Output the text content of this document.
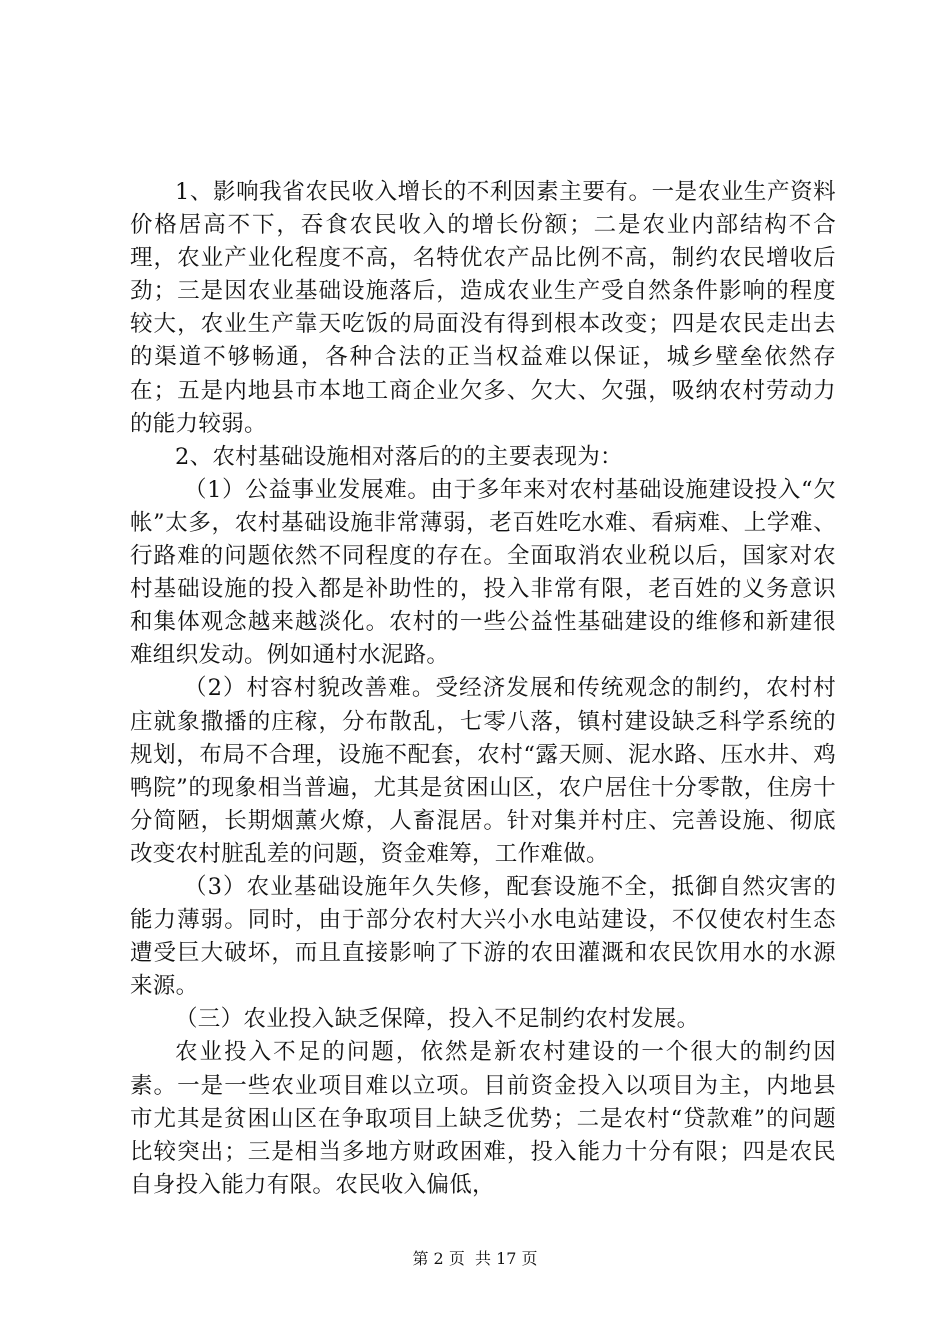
1、影响我省农民收入增长的不利因素主要有。一是农业生产资料价格居高不下，吞食农民收入的增长份额；二是农业内部结构不合理，农业产业化程度不高，名特优农产品比例不高，制约农民增收后劲；三是因农业基础设施落后，造成农业生产受自然条件影响的程度较大，农业生产靠天吃饭的局面没有得到根本改变；四是农民走出去的渠道不够畅通，各种合法的正当权益难以保证，城乡壁垒依然存在；五是内地县市本地工商企业欠多、欠大、欠强，吸纳农村劳动力的能力较弱。

2、农村基础设施相对落后的的主要表现为：

（1）公益事业发展难。由于多年来对农村基础设施建设投入“欠帐”太多，农村基础设施非常薄弱，老百姓吃水难、看病难、上学难、行路难的问题依然不同程度的存在。全面取消农业税以后，国家对农村基础设施的投入都是补助性的，投入非常有限，老百姓的义务意识和集体观念越来越淡化。农村的一些公益性基础建设的维修和新建很难组织发动。例如通村水泥路。

（2）村容村貌改善难。受经济发展和传统观念的制约，农村村庄就象撒播的庄稼，分布散乱，七零八落，镇村建设缺乏科学系统的规划，布局不合理，设施不配套，农村“露天厕、泥水路、压水井、鸡鸭院”的现象相当普遍，尤其是贫困山区，农户居住十分零散，住房十分简陋，长期烟薰火燎，人畜混居。针对集并村庄、完善设施、彻底改变农村脏乱差的问题，资金难筹，工作难做。

（3）农业基础设施年久失修，配套设施不全，抵御自然灾害的能力薄弱。同时，由于部分农村大兴小水电站建设，不仅使农村生态遭受巨大破坏，而且直接影响了下游的农田灌溉和农民饮用水的水源来源。

（三）农业投入缺乏保障，投入不足制约农村发展。

农业投入不足的问题，依然是新农村建设的一个很大的制约因素。一是一些农业项目难以立项。目前资金投入以项目为主，内地县市尤其是贫困山区在争取项目上缺乏优势；二是农村“贷款难”的问题比较突出；三是相当多地方财政困难，投入能力十分有限；四是农民自身投入能力有限。农民收入偏低，

第 2 页  共 17 页
